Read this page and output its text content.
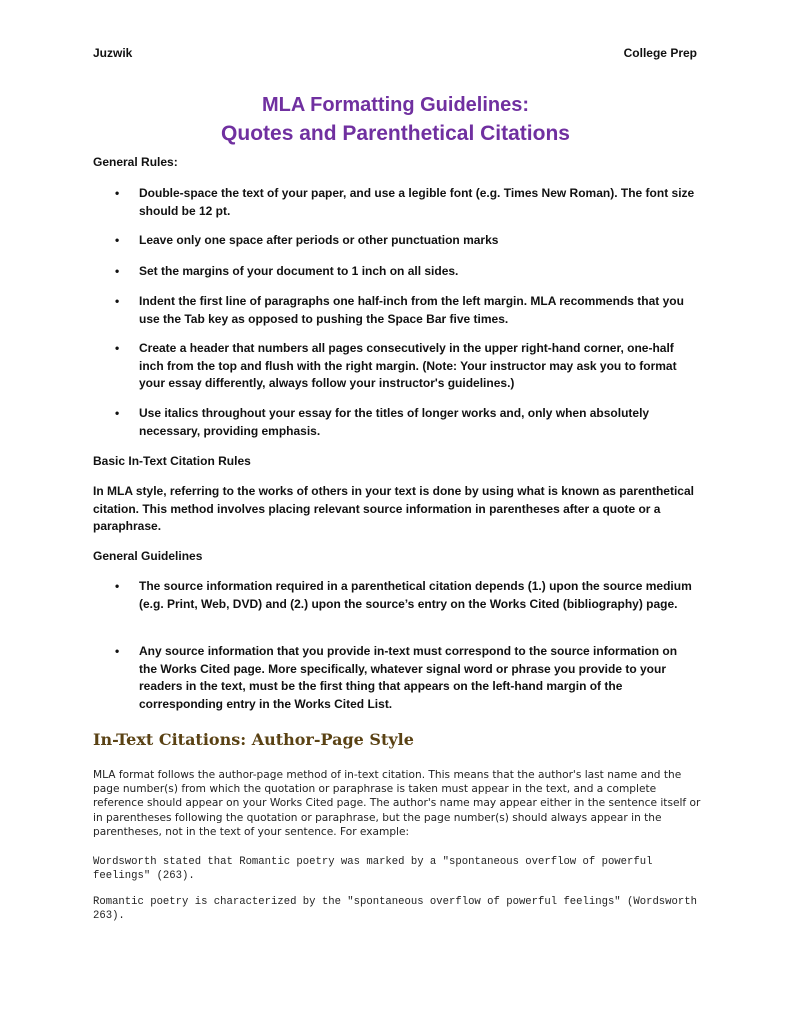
Juzwik	College Prep
MLA Formatting Guidelines:
Quotes and Parenthetical Citations
General Rules:
• Double-space the text of your paper, and use a legible font (e.g. Times New Roman). The font size should be 12 pt.
• Leave only one space after periods or other punctuation marks
• Set the margins of your document to 1 inch on all sides.
• Indent the first line of paragraphs one half-inch from the left margin. MLA recommends that you use the Tab key as opposed to pushing the Space Bar five times.
• Create a header that numbers all pages consecutively in the upper right-hand corner, one-half inch from the top and flush with the right margin. (Note: Your instructor may ask you to format your essay differently, always follow your instructor's guidelines.)
• Use italics throughout your essay for the titles of longer works and, only when absolutely necessary, providing emphasis.
Basic In-Text Citation Rules
In MLA style, referring to the works of others in your text is done by using what is known as parenthetical citation. This method involves placing relevant source information in parentheses after a quote or a paraphrase.
General Guidelines
• The source information required in a parenthetical citation depends (1.) upon the source medium (e.g. Print, Web, DVD) and (2.) upon the source’s entry on the Works Cited (bibliography) page.
• Any source information that you provide in-text must correspond to the source information on the Works Cited page. More specifically, whatever signal word or phrase you provide to your readers in the text, must be the first thing that appears on the left-hand margin of the corresponding entry in the Works Cited List.
In-Text Citations: Author-Page Style
MLA format follows the author-page method of in-text citation. This means that the author's last name and the page number(s) from which the quotation or paraphrase is taken must appear in the text, and a complete reference should appear on your Works Cited page. The author's name may appear either in the sentence itself or in parentheses following the quotation or paraphrase, but the page number(s) should always appear in the parentheses, not in the text of your sentence. For example:
Wordsworth stated that Romantic poetry was marked by a "spontaneous overflow of powerful feelings" (263).
Romantic poetry is characterized by the "spontaneous overflow of powerful feelings" (Wordsworth 263).
